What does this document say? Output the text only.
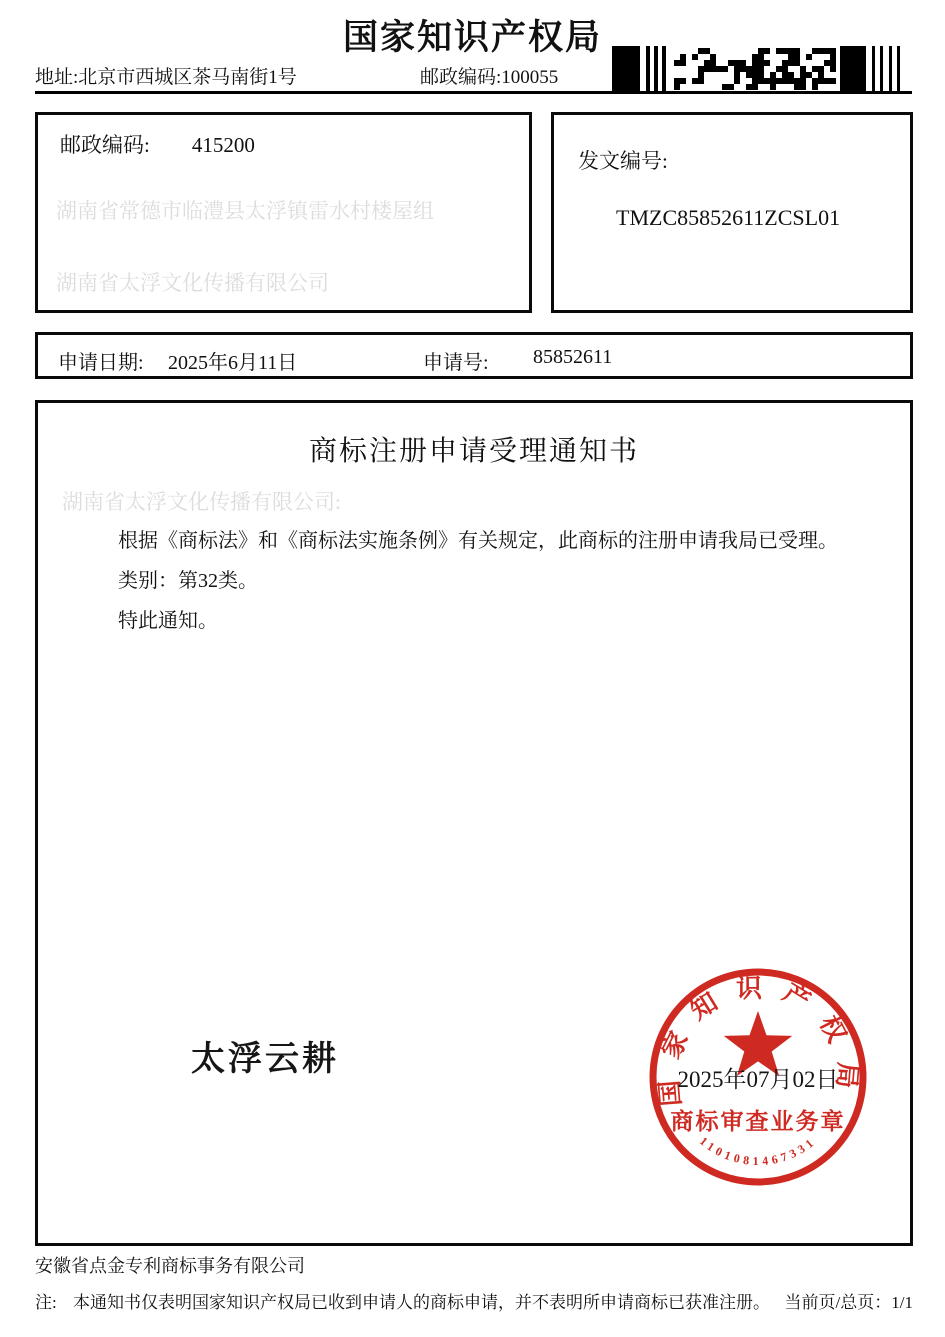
国家知识产权局
地址:北京市西城区茶马南街1号	邮政编码:100055
邮政编码: 415200
湖南省常德市临澧县太浮镇雷水村楼屋组
湖南省太浮文化传播有限公司
发文编号:
TMZC85852611ZCSL01
申请日期: 2025年6月11日	申请号: 85852611
商标注册申请受理通知书
湖南省太浮文化传播有限公司:

根据《商标法》和《商标法实施条例》有关规定，此商标的注册申请我局已受理。

类别：第32类。

特此通知。

太浮云耕
国家知识产权局
商标审查业务章
1101081467331
2025年07月02日
安徽省点金专利商标事务有限公司
注: 本通知书仅表明国家知识产权局已收到申请人的商标申请，并不表明所申请商标已获准注册。 当前页/总页：1/1
